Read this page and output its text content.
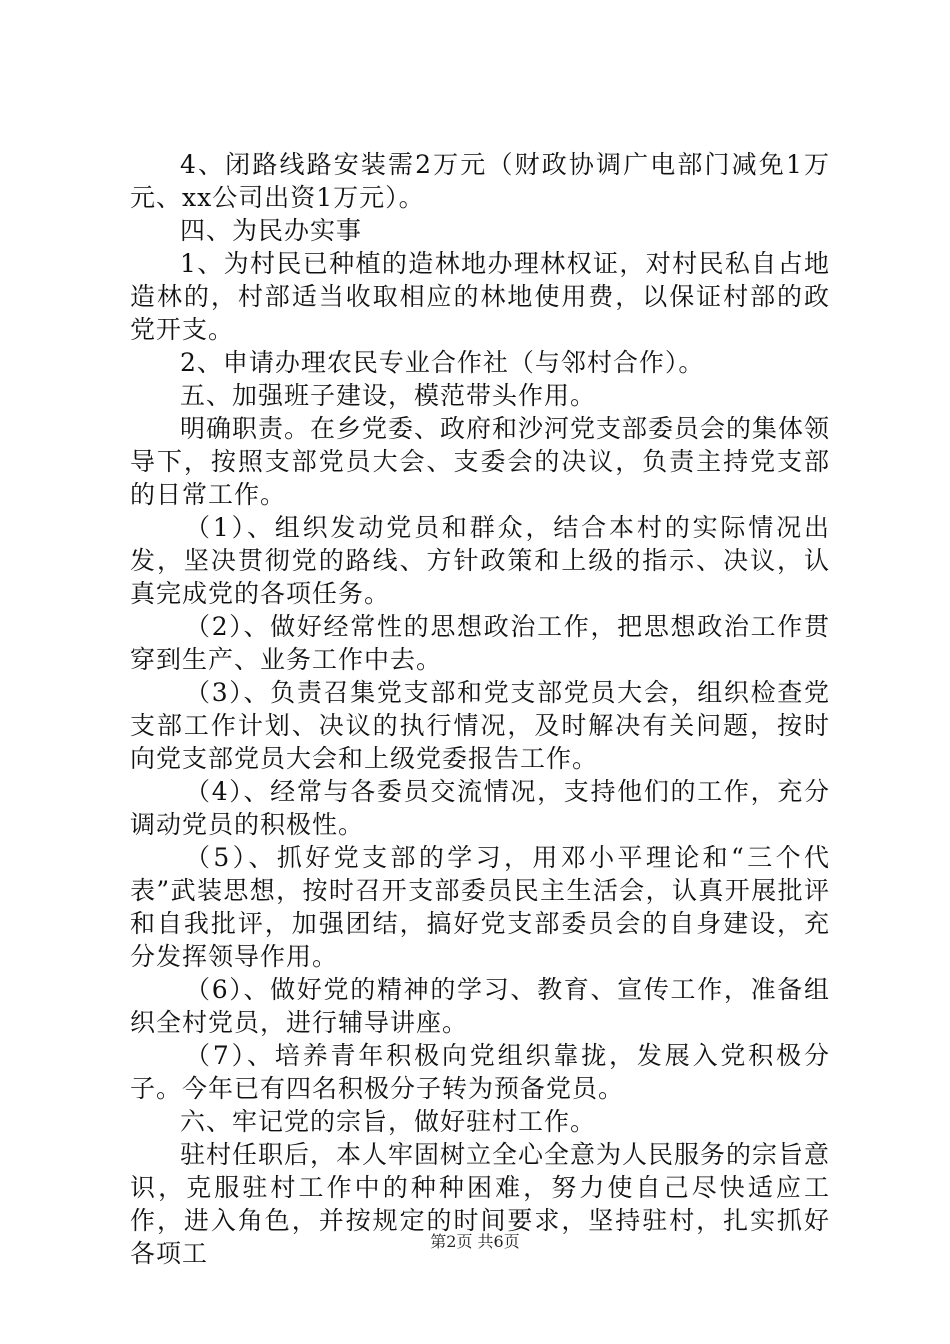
4、闭路线路安装需2万元（财政协调广电部门减免1万元、xx公司出资1万元）。

四、为民办实事

1、为村民已种植的造林地办理林权证，对村民私自占地造林的，村部适当收取相应的林地使用费，以保证村部的政党开支。

2、申请办理农民专业合作社（与邻村合作）。

五、加强班子建设，模范带头作用。

明确职责。在乡党委、政府和沙河党支部委员会的集体领导下，按照支部党员大会、支委会的决议，负责主持党支部的日常工作。

（1）、组织发动党员和群众，结合本村的实际情况出发，坚决贯彻党的路线、方针政策和上级的指示、决议，认真完成党的各项任务。

（2）、做好经常性的思想政治工作，把思想政治工作贯穿到生产、业务工作中去。

（3）、负责召集党支部和党支部党员大会，组织检查党支部工作计划、决议的执行情况，及时解决有关问题，按时向党支部党员大会和上级党委报告工作。

（4）、经常与各委员交流情况，支持他们的工作，充分调动党员的积极性。

（5）、抓好党支部的学习，用邓小平理论和“三个代表”武装思想，按时召开支部委员民主生活会，认真开展批评和自我批评，加强团结，搞好党支部委员会的自身建设，充分发挥领导作用。

（6）、做好党的精神的学习、教育、宣传工作，准备组织全村党员，进行辅导讲座。

（7）、培养青年积极向党组织靠拢，发展入党积极分子。今年已有四名积极分子转为预备党员。

六、牢记党的宗旨，做好驻村工作。

驻村任职后，本人牢固树立全心全意为人民服务的宗旨意识，克服驻村工作中的种种困难，努力使自己尽快适应工作，进入角色，并按规定的时间要求，坚持驻村，扎实抓好各项工	第2页 共6页
